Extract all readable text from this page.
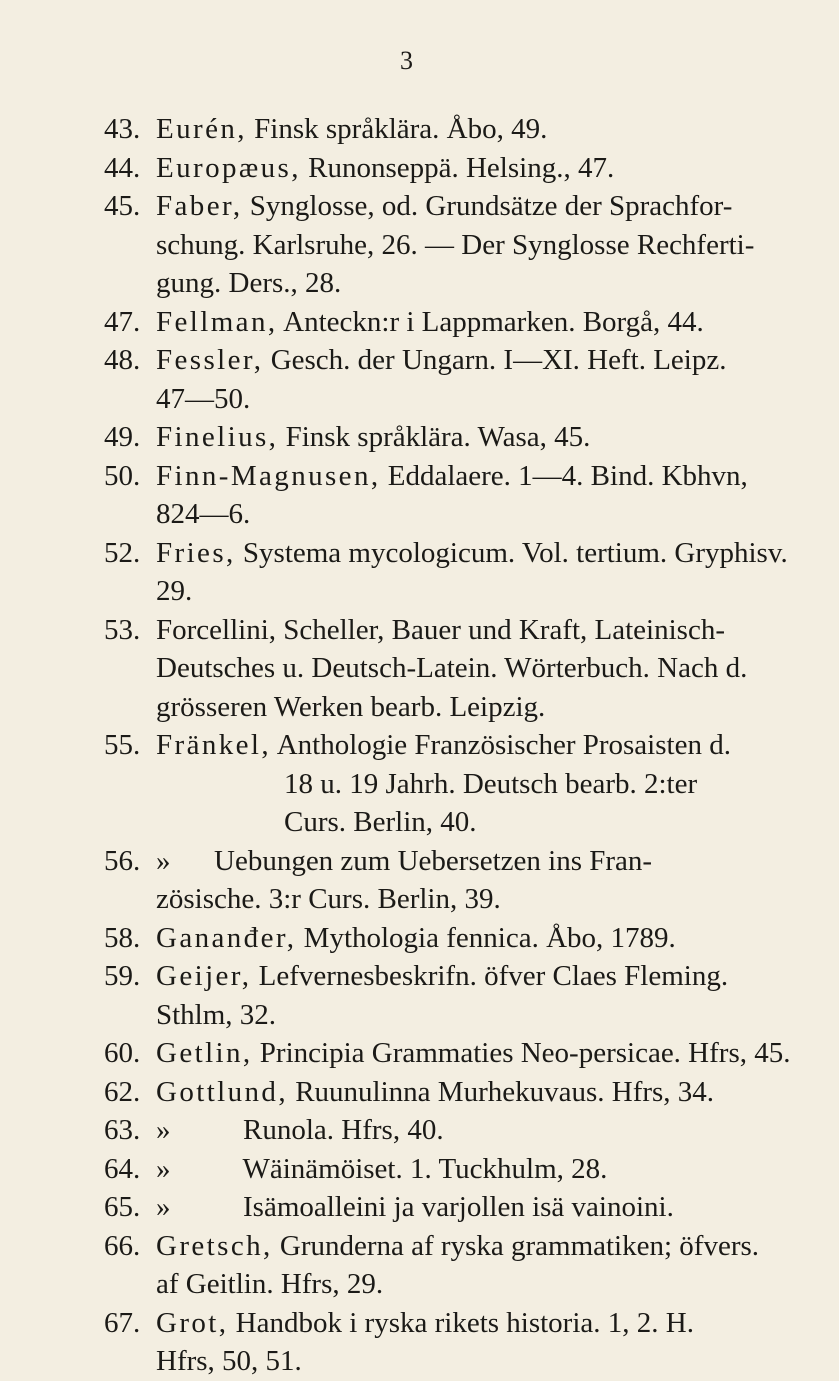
3
43. Eurén, Finsk språklära. Åbo, 49.
44. Europæus, Runonseppä. Helsing., 47.
45. Faber, Synglosse, od. Grundsätze der Sprachfor-
schung. Karlsruhe, 26. — Der Synglosse Rechferti-
gung. Ders., 28.
47. Fellman, Anteckn:r i Lappmarken. Borgå, 44.
48. Fessler, Gesch. der Ungarn. I—XI. Heft. Leipz.
47—50.
49. Finelius, Finsk språklära. Wasa, 45.
50. Finn-Magnusen, Eddalaere. 1—4. Bind. Kbhvn,
824—6.
52. Fries, Systema mycologicum. Vol. tertium. Gryphisv.
29.
53. Forcellini, Scheller, Bauer und Kraft, Lateinisch-
Deutsches u. Deutsch-Latein. Wörterbuch. Nach d.
grösseren Werken bearb. Leipzig.
55. Fränkel, Anthologie Französischer Prosaisten d.
18 u. 19 Jahrh. Deutsch bearb. 2:ter
Curs. Berlin, 40.
56. »      Uebungen zum Uebersetzen ins Fran-
zösische. 3:r Curs. Berlin, 39.
58. Gananđer, Mythologia fennica. Åbo, 1789.
59. Geijer, Lefvernesbeskrifn. öfver Claes Fleming.
Sthlm, 32.
60. Getlin, Principia Grammaties Neo-persicae. Hfrs, 45.
62. Gottlund, Ruunulinna Murhekuvaus. Hfrs, 34.
63. »          Runola. Hfrs, 40.
64. »          Wäinämöiset. 1. Tuckhulm, 28.
65. »          Isämoalleini ja varjollen isä vainoini.
66. Gretsch, Grunderna af ryska grammatiken; öfvers.
af Geitlin. Hfrs, 29.
67. Grot, Handbok i ryska rikets historia. 1, 2. H.
Hfrs, 50, 51.
